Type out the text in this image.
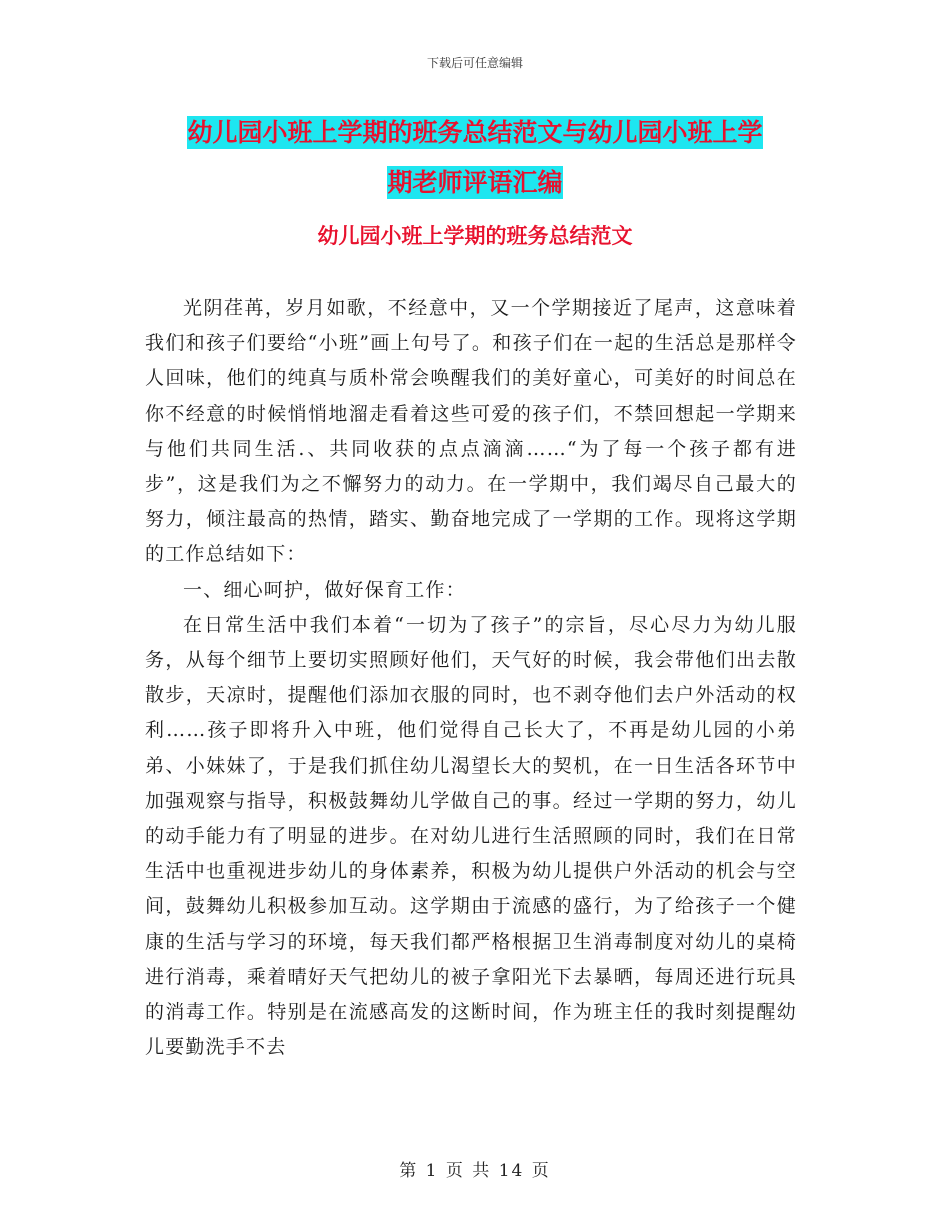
下载后可任意编辑
幼儿园小班上学期的班务总结范文与幼儿园小班上学
期老师评语汇编
幼儿园小班上学期的班务总结范文

光阴荏苒，岁月如歌，不经意中，又一个学期接近了尾声，这意味着我们和孩子们要给“小班”画上句号了。和孩子们在一起的生活总是那样令人回味，他们的纯真与质朴常会唤醒我们的美好童心，可美好的时间总在你不经意的时候悄悄地溜走看着这些可爱的孩子们，不禁回想起一学期来与他们共同生活.、共同收获的点点滴滴……“为了每一个孩子都有进步”，这是我们为之不懈努力的动力。在一学期中，我们竭尽自己最大的努力，倾注最高的热情，踏实、勤奋地完成了一学期的工作。现将这学期的工作总结如下：

一、细心呵护，做好保育工作：

在日常生活中我们本着“一切为了孩子”的宗旨，尽心尽力为幼儿服务，从每个细节上要切实照顾好他们，天气好的时候，我会带他们出去散散步，天凉时，提醒他们添加衣服的同时，也不剥夺他们去户外活动的权利……孩子即将升入中班，他们觉得自己长大了，不再是幼儿园的小弟弟、小妹妹了，于是我们抓住幼儿渴望长大的契机，在一日生活各环节中加强观察与指导，积极鼓舞幼儿学做自己的事。经过一学期的努力，幼儿的动手能力有了明显的进步。在对幼儿进行生活照顾的同时，我们在日常生活中也重视进步幼儿的身体素养，积极为幼儿提供户外活动的机会与空间，鼓舞幼儿积极参加互动。这学期由于流感的盛行，为了给孩子一个健康的生活与学习的环境，每天我们都严格根据卫生消毒制度对幼儿的桌椅进行消毒，乘着晴好天气把幼儿的被子拿阳光下去暴晒，每周还进行玩具的消毒工作。特别是在流感高发的这断时间，作为班主任的我时刻提醒幼儿要勤洗手不去

第 1 页 共 14 页
